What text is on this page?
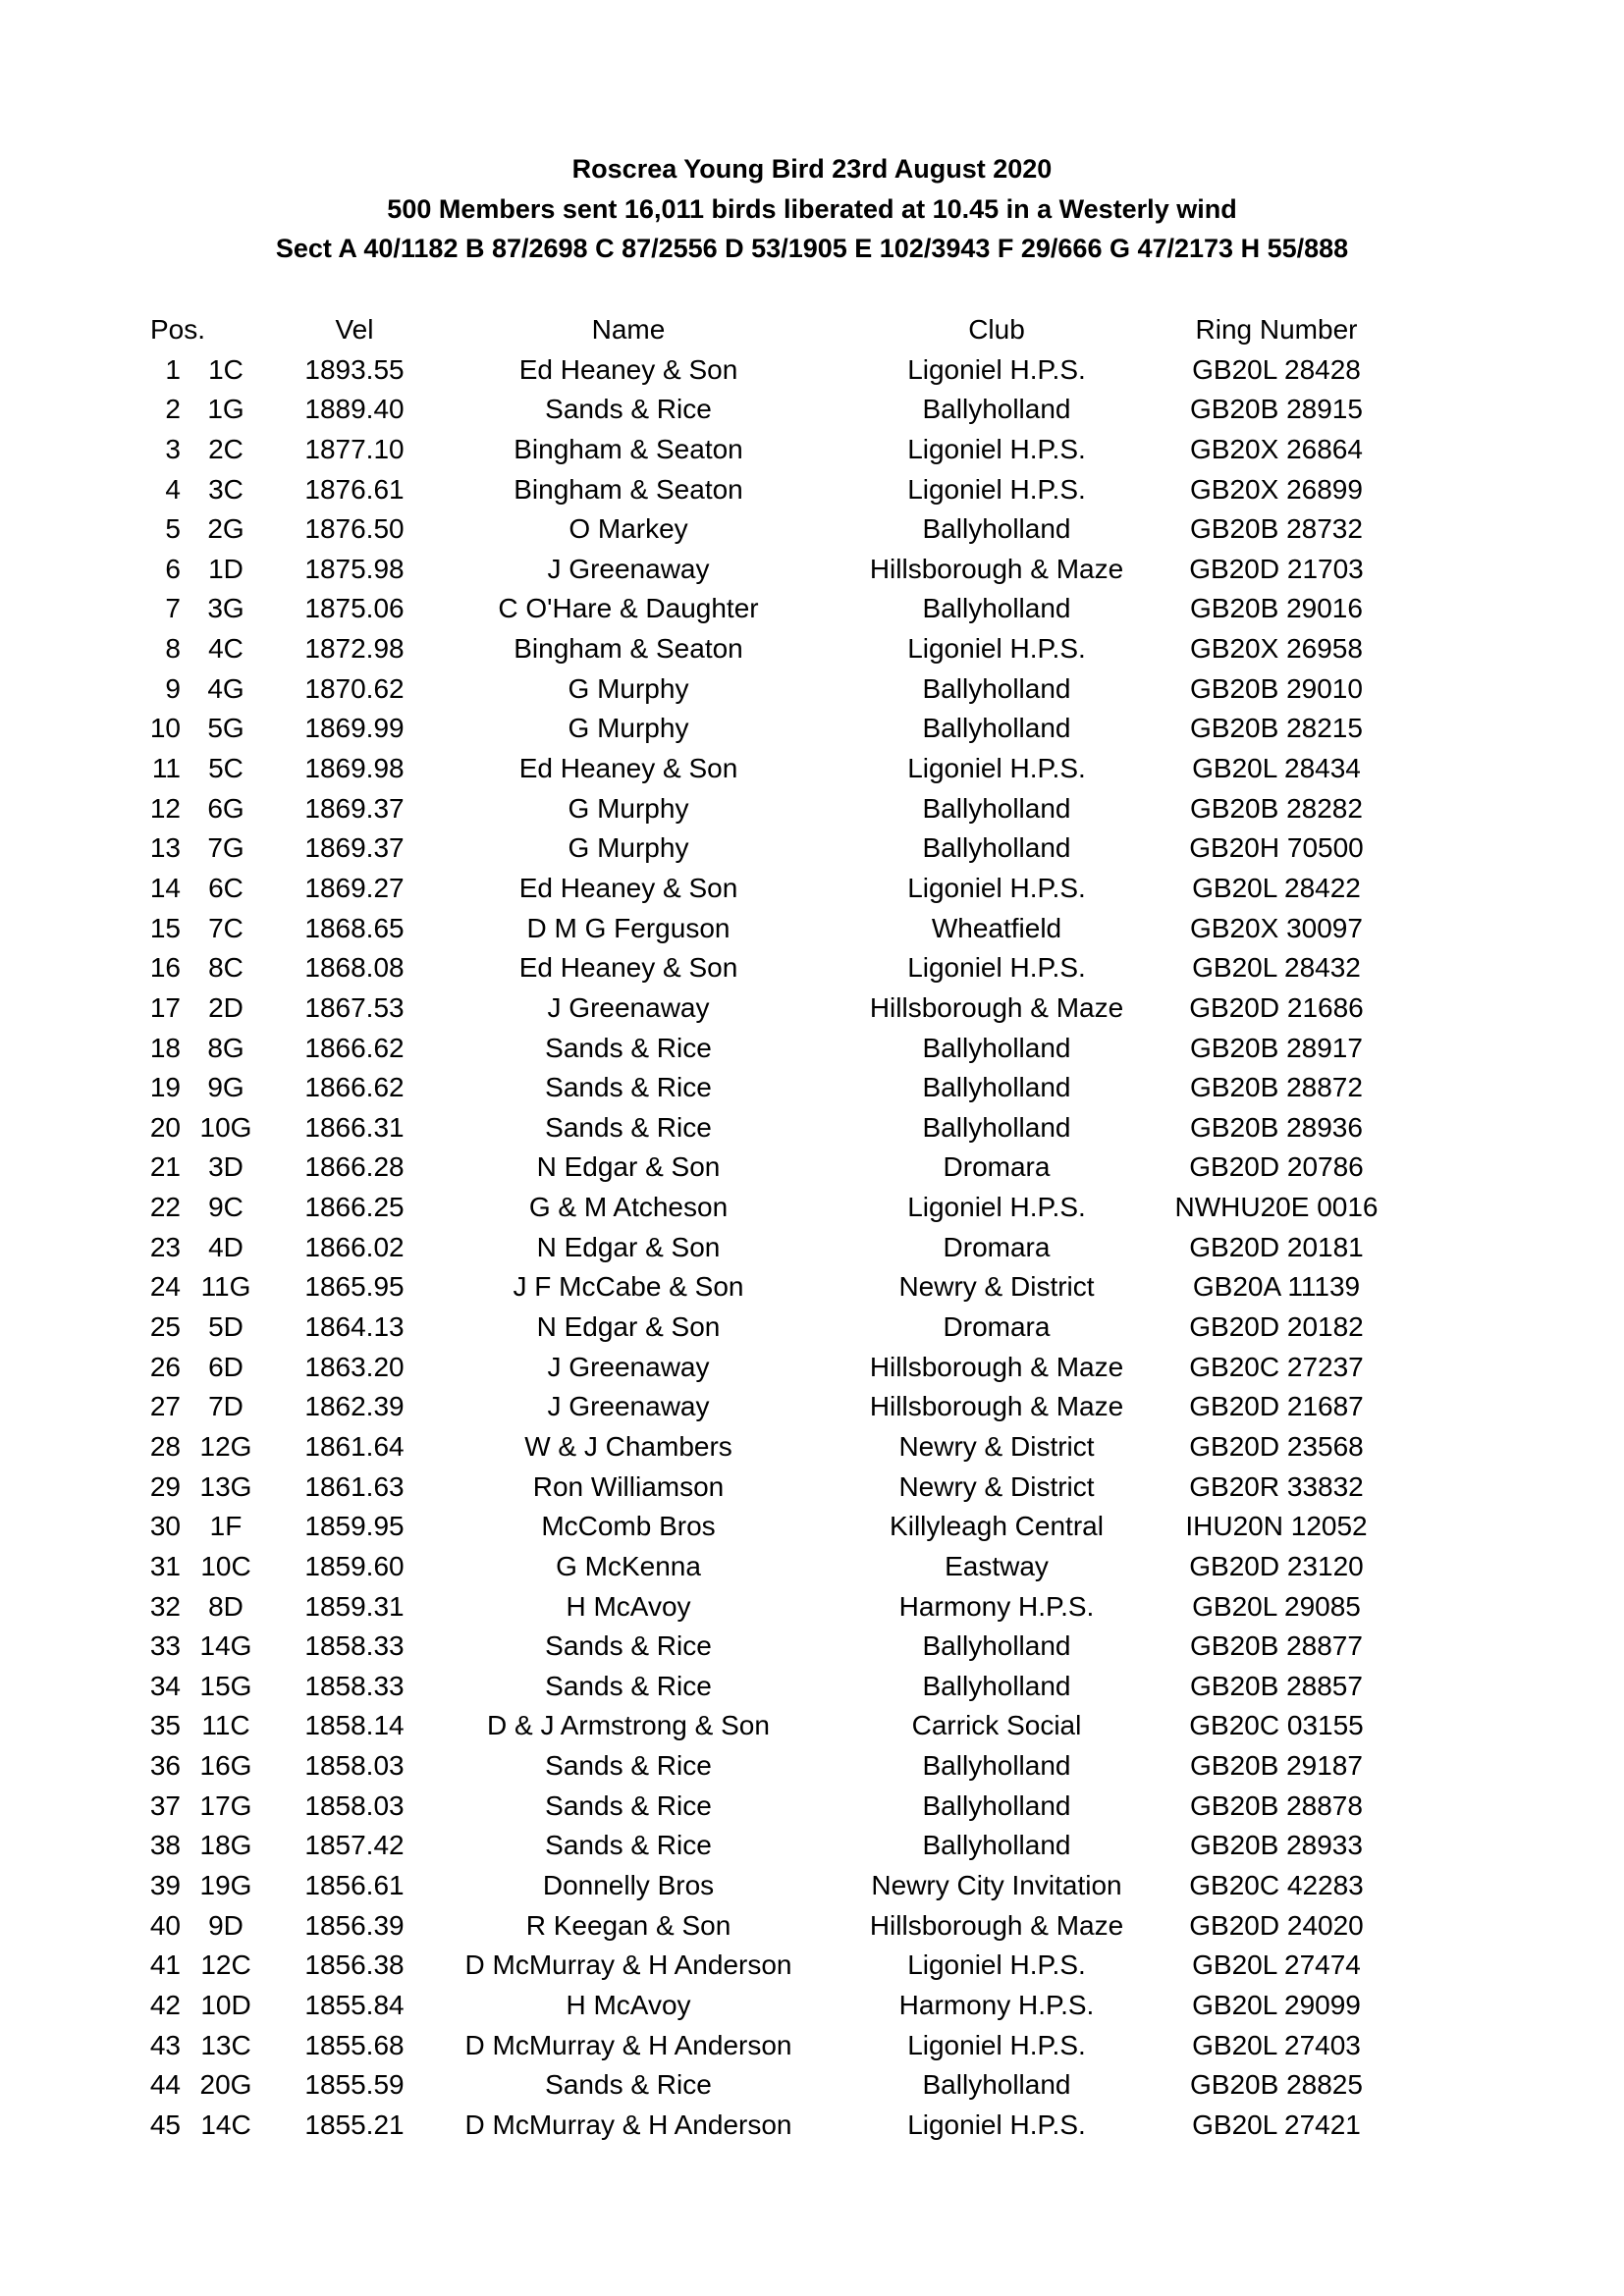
Roscrea Young Bird 23rd August 2020
500 Members sent 16,011 birds liberated at 10.45 in a Westerly wind
Sect A 40/1182 B 87/2698 C 87/2556 D 53/1905 E 102/3943 F 29/666 G 47/2173 H 55/888
Pos.	Vel	Name	Club	Ring Number
1	1C	1893.55	Ed Heaney & Son	Ligoniel H.P.S.	GB20L 28428
2 1G	1889.40	Sands & Rice	Ballyholland	GB20B 28915
3	2C	1877.10	Bingham & Seaton	Ligoniel H.P.S.	GB20X 26864
4	3C	1876.61	Bingham & Seaton	Ligoniel H.P.S.	GB20X 26899
5 2G	1876.50	O Markey	Ballyholland	GB20B 28732
6	1D	1875.98	J Greenaway	Hillsborough & Maze	GB20D 21703
7 3G	1875.06	C O'Hare & Daughter	Ballyholland	GB20B 29016
8	4C	1872.98	Bingham & Seaton	Ligoniel H.P.S.	GB20X 26958
9 4G	1870.62	G Murphy	Ballyholland	GB20B 29010
10 5G	1869.99	G Murphy	Ballyholland	GB20B 28215
11	5C	1869.98	Ed Heaney & Son	Ligoniel H.P.S.	GB20L 28434
12 6G	1869.37	G Murphy	Ballyholland	GB20B 28282
13 7G	1869.37	G Murphy	Ballyholland	GB20H 70500
14	6C	1869.27	Ed Heaney & Son	Ligoniel H.P.S.	GB20L 28422
15	7C	1868.65	D M G Ferguson	Wheatfield	GB20X 30097
16	8C	1868.08	Ed Heaney & Son	Ligoniel H.P.S.	GB20L 28432
17	2D	1867.53	J Greenaway	Hillsborough & Maze	GB20D 21686
18 8G	1866.62	Sands & Rice	Ballyholland	GB20B 28917
19 9G	1866.62	Sands & Rice	Ballyholland	GB20B 28872
20 10G	1866.31	Sands & Rice	Ballyholland	GB20B 28936
21	3D	1866.28	N Edgar & Son	Dromara	GB20D 20786
22	9C	1866.25	G & M Atcheson	Ligoniel H.P.S.	NWHU20E 0016
23	4D	1866.02	N Edgar & Son	Dromara	GB20D 20181
24 11G	1865.95	J F McCabe & Son	Newry & District	GB20A 11139
25	5D	1864.13	N Edgar & Son	Dromara	GB20D 20182
26	6D	1863.20	J Greenaway	Hillsborough & Maze	GB20C 27237
27	7D	1862.39	J Greenaway	Hillsborough & Maze	GB20D 21687
28 12G	1861.64	W & J Chambers	Newry & District	GB20D 23568
29 13G	1861.63	Ron Williamson	Newry & District	GB20R 33832
30	1F	1859.95	McComb Bros	Killyleagh Central	IHU20N 12052
31 10C	1859.60	G McKenna	Eastway	GB20D 23120
32	8D	1859.31	H McAvoy	Harmony H.P.S.	GB20L 29085
33 14G	1858.33	Sands & Rice	Ballyholland	GB20B 28877
34 15G	1858.33	Sands & Rice	Ballyholland	GB20B 28857
35 11C	1858.14	D & J Armstrong & Son	Carrick Social	GB20C 03155
36 16G	1858.03	Sands & Rice	Ballyholland	GB20B 29187
37 17G	1858.03	Sands & Rice	Ballyholland	GB20B 28878
38 18G	1857.42	Sands & Rice	Ballyholland	GB20B 28933
39 19G	1856.61	Donnelly Bros	Newry City Invitation	GB20C 42283
40	9D	1856.39	R Keegan & Son	Hillsborough & Maze	GB20D 24020
41 12C	1856.38	D McMurray & H Anderson	Ligoniel H.P.S.	GB20L 27474
42 10D	1855.84	H McAvoy	Harmony H.P.S.	GB20L 29099
43 13C	1855.68	D McMurray & H Anderson	Ligoniel H.P.S.	GB20L 27403
44 20G	1855.59	Sands & Rice	Ballyholland	GB20B 28825
45 14C	1855.21	D McMurray & H Anderson	Ligoniel H.P.S.	GB20L 27421
